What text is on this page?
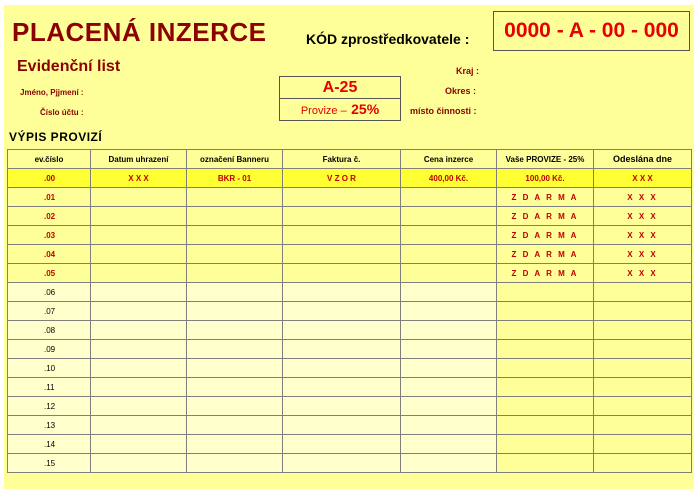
PLACENÁ INZERCE	KÓD zprostředkovatele :	0000 - A - 00 - 000
Evidenční list
Jméno, Pjjmení :
Číslo účtu :
Kraj :
Okres :
místo činnosti :
A-25
Provize – 25%
VÝPIS PROVIZÍ
ev.číslo	Datum uhrazení	označení Banneru	Faktura č.	Cena inzerce	Vaše PROVIZE - 25%	Odeslána dne
.00	X X X	BKR - 01	V Z O R	400,00 Kč.	100,00 Kč.	X X X
.01					Z D A R M A	X X X
.02					Z D A R M A	X X X
.03					Z D A R M A	X X X
.04					Z D A R M A	X X X
.05					Z D A R M A	X X X
.06						
.07						
.08						
.09						
.10						
.11						
.12						
.13						
.14						
.15						
